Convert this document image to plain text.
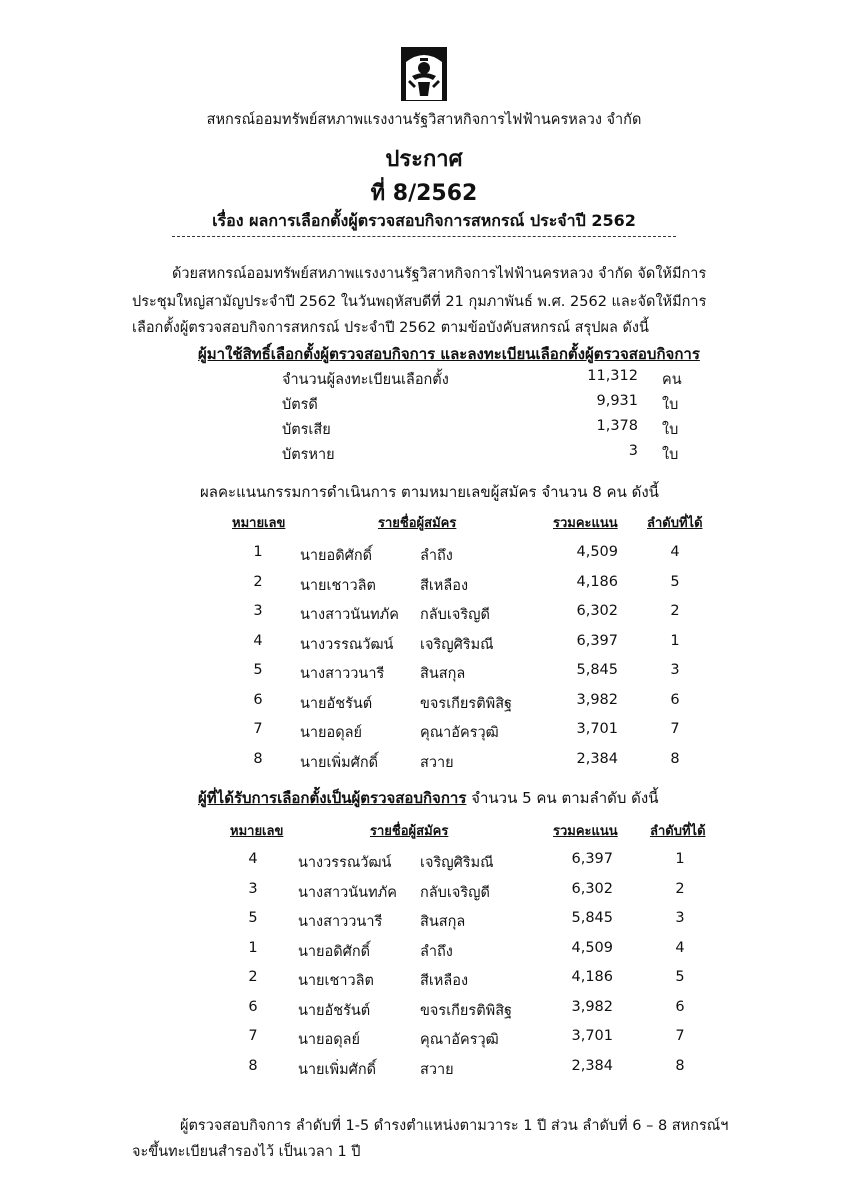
สหกรณ์ออมทรัพย์สหภาพแรงงานรัฐวิสาหกิจการไฟฟ้านครหลวง จำกัด
ประกาศ
ที่ 8/2562
เรื่อง ผลการเลือกตั้งผู้ตรวจสอบกิจการสหกรณ์ ประจำปี 2562
ด้วยสหกรณ์ออมทรัพย์สหภาพแรงงานรัฐวิสาหกิจการไฟฟ้านครหลวง จำกัด จัดให้มีการ
ประชุมใหญ่สามัญประจำปี 2562 ในวันพฤหัสบดีที่ 21 กุมภาพันธ์ พ.ศ. 2562 และจัดให้มีการ
เลือกตั้งผู้ตรวจสอบกิจการสหกรณ์ ประจำปี 2562 ตามข้อบังคับสหกรณ์ สรุปผล ดังนี้
ผู้มาใช้สิทธิ์เลือกตั้งผู้ตรวจสอบกิจการ และลงทะเบียนเลือกตั้งผู้ตรวจสอบกิจการ
จำนวนผู้ลงทะเบียนเลือกตั้ง	11,312 คน
บัตรดี	9,931 ใบ
บัตรเสีย	1,378 ใบ
บัตรหาย	3 ใบ
ผลคะแนนกรรมการดำเนินการ ตามหมายเลขผู้สมัคร จำนวน 8 คน ดังนี้
หมายเลข	รายชื่อผู้สมัคร	รวมคะแนน ลำดับที่ได้
1	นายอดิศักดิ์	ลำถึง	4,509	4
2	นายเชาวลิต	สีเหลือง	4,186	5
3	นางสาวนันทภัค กลับเจริญดี	6,302	2
4	นางวรรณวัฒน์ เจริญศิริมณี	6,397	1
5	นางสาววนารี สินสกุล	5,845	3
6	นายอัชรันต์	ขจรเกียรติพิสิฐ	3,982	6
7	นายอดุลย์	คุณาอัครวุฒิ	3,701	7
8	นายเพิ่มศักดิ์	สวาย	2,384	8
ผู้ที่ได้รับการเลือกตั้งเป็นผู้ตรวจสอบกิจการ จำนวน 5 คน ตามลำดับ ดังนี้
หมายเลข	รายชื่อผู้สมัคร	รวมคะแนน ลำดับที่ได้
4	นางวรรณวัฒน์ เจริญศิริมณี	6,397	1
3	นางสาวนันทภัค กลับเจริญดี	6,302	2
5	นางสาววนารี	สินสกุล	5,845	3
1	นายอดิศักดิ์	ลำถึง	4,509	4
2	นายเชาวลิต	สีเหลือง	4,186	5
6	นายอัชรันต์	ขจรเกียรติพิสิฐ	3,982	6
7	นายอดุลย์	คุณาอัครวุฒิ	3,701	7
8	นายเพิ่มศักดิ์	สวาย	2,384	8
ผู้ตรวจสอบกิจการ ลำดับที่ 1-5 ดำรงตำแหน่งตามวาระ 1 ปี ส่วน ลำดับที่ 6 – 8 สหกรณ์ฯ
จะขึ้นทะเบียนสำรองไว้ เป็นเวลา 1 ปี
